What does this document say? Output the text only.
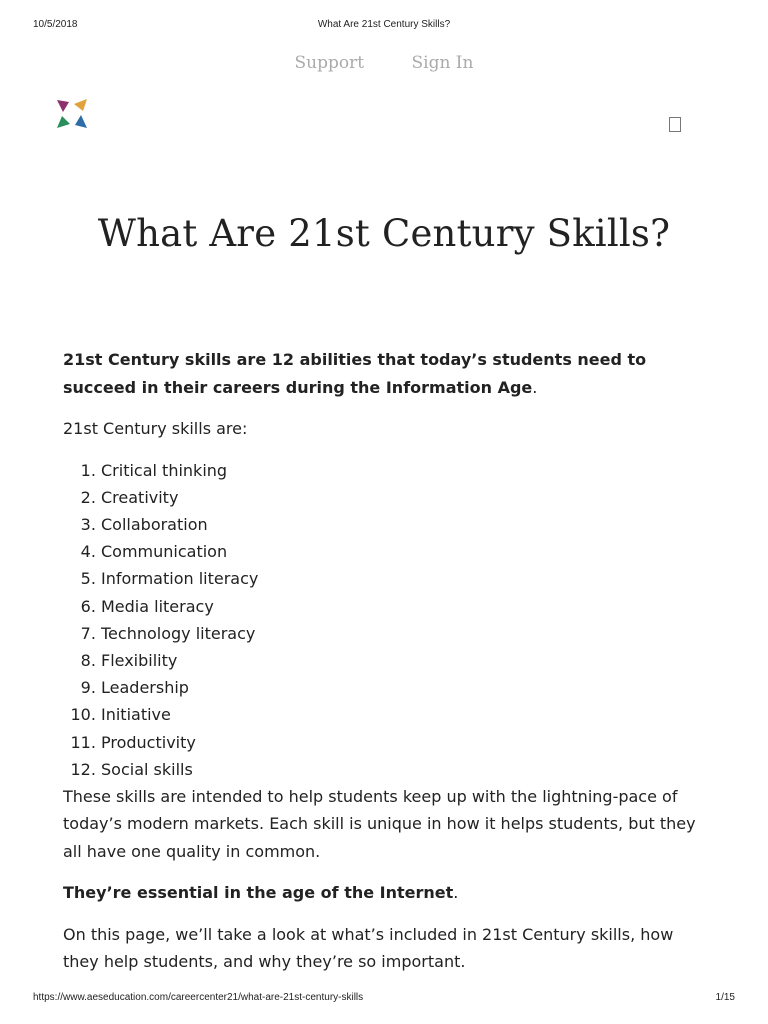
What Are 21st Century Skills?
10/5/2018
Support	Sign In
What Are 21st Century Skills?

21st Century skills are 12 abilities that today’s students need to succeed in their careers during the Information Age.

21st Century skills are:

1. Critical thinking
2. Creativity
3. Collaboration
4. Communication
5. Information literacy
6. Media literacy
7. Technology literacy
8. Flexibility
9. Leadership
10. Initiative
11. Productivity
12. Social skills

These skills are intended to help students keep up with the lightning-pace of today’s modern markets. Each skill is unique in how it helps students, but they all have one quality in common.

They’re essential in the age of the Internet.

On this page, we’ll take a look at what’s included in 21st Century skills, how they help students, and why they’re so important.

https://www.aeseducation.com/careercenter21/what-are-21st-century-skills	1/15
